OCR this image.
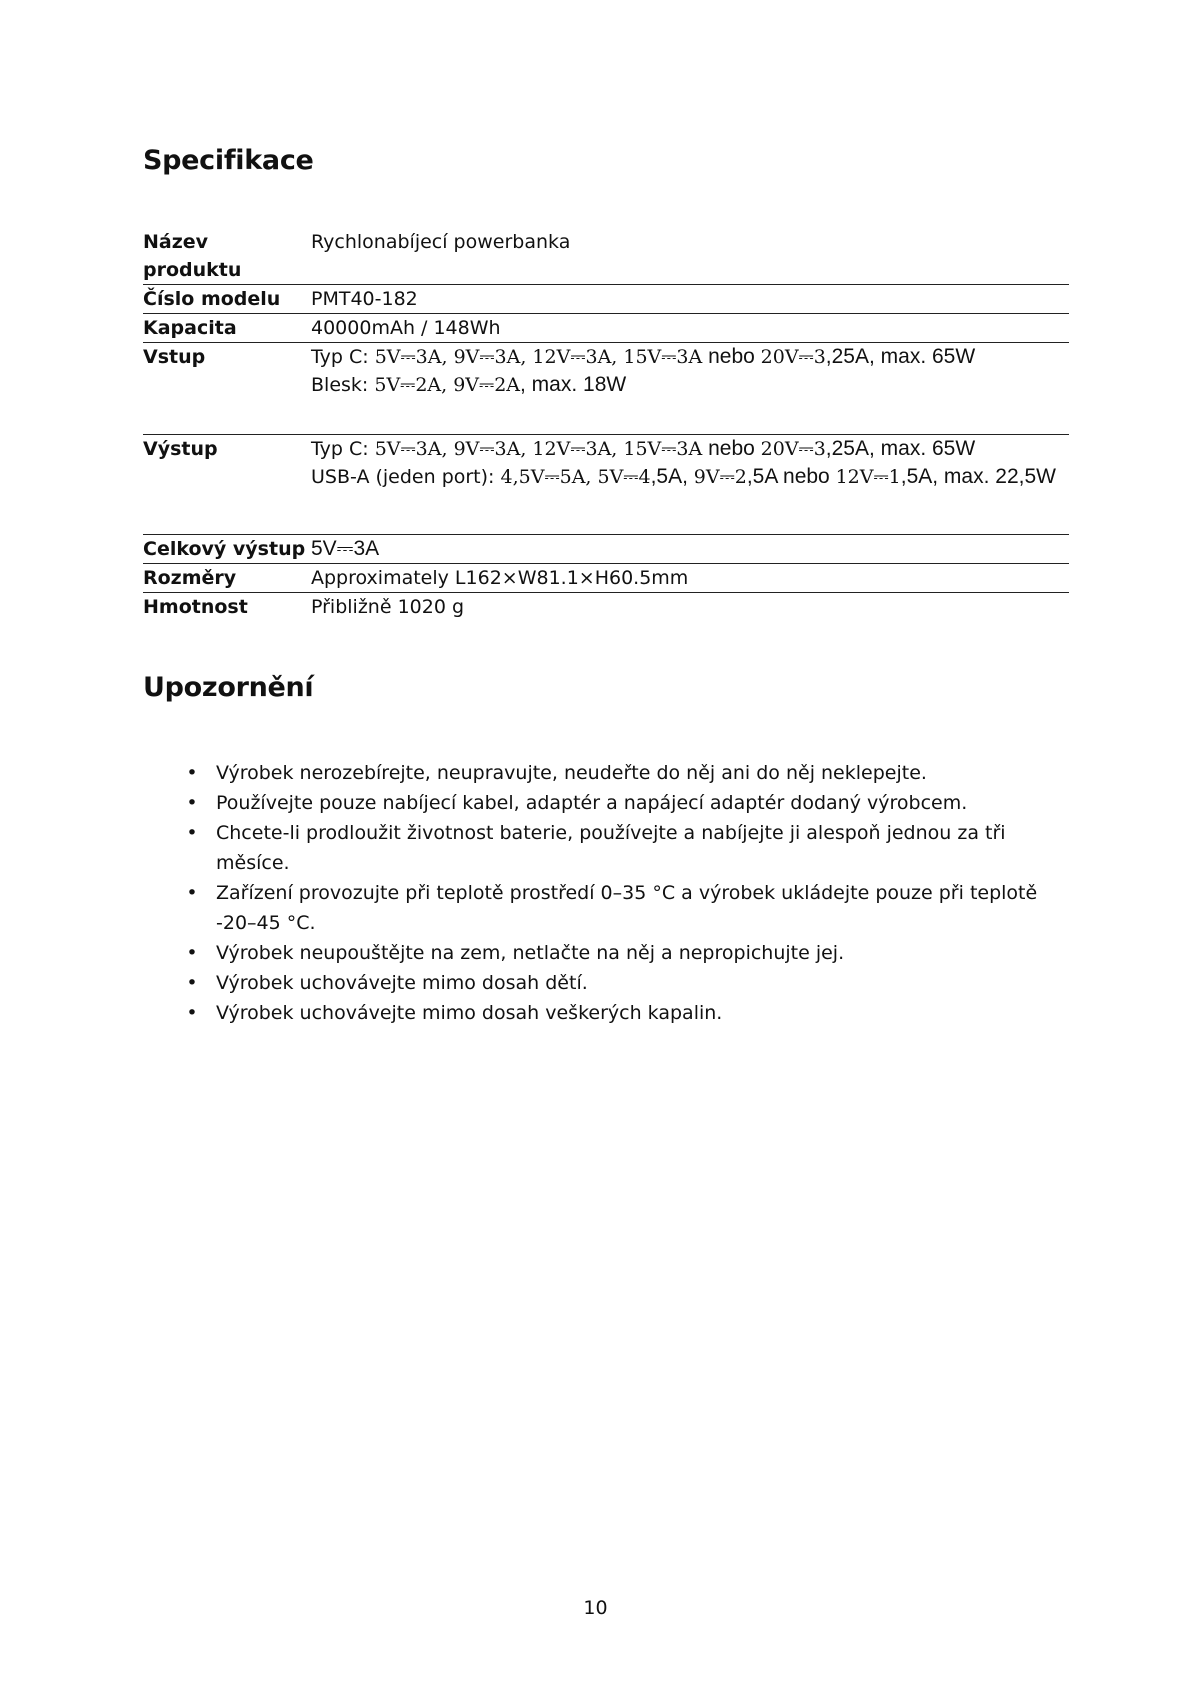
Specifikace
Název produktu	Rychlonabíjecí powerbanka
Číslo modelu	PMT40-182
Kapacita	40000mAh / 148Wh
Vstup	Typ C: 5V⎓3A, 9V⎓3A, 12V⎓3A, 15V⎓3A nebo 20V⎓3,25A, max. 65W
Blesk: 5V⎓2A, 9V⎓2A, max. 18W

Výstup	Typ C: 5V⎓3A, 9V⎓3A, 12V⎓3A, 15V⎓3A nebo 20V⎓3,25A, max. 65W
USB-A (jeden port): 4,5V⎓5A, 5V⎓4,5A, 9V⎓2,5A nebo 12V⎓1,5A, max. 22,5W

Celkový výstup	5V⎓3A
Rozměry	Approximately L162×W81.1×H60.5mm
Hmotnost	Přibližně 1020 g
Upozornění
• Výrobek nerozebírejte, neupravujte, neudeřte do něj ani do něj neklepejte.
• Používejte pouze nabíjecí kabel, adaptér a napájecí adaptér dodaný výrobcem.
• Chcete-li prodloužit životnost baterie, používejte a nabíjejte ji alespoň jednou za tři měsíce.
• Zařízení provozujte při teplotě prostředí 0–35 °C a výrobek ukládejte pouze při teplotě -20–45 °C.
• Výrobek neupouštějte na zem, netlačte na něj a nepropichujte jej.
• Výrobek uchovávejte mimo dosah dětí.
• Výrobek uchovávejte mimo dosah veškerých kapalin.
10
